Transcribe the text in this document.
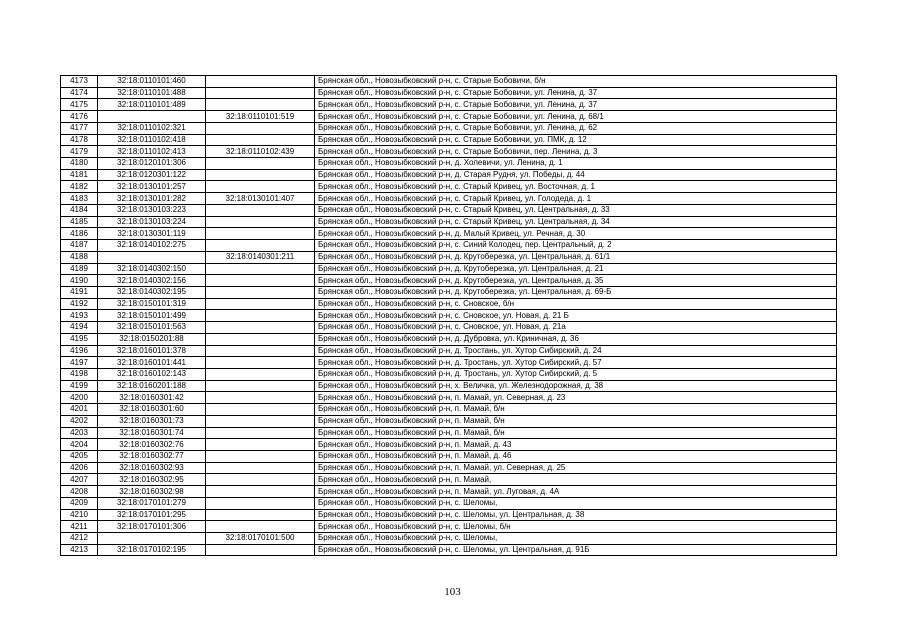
4173	32:18:0110101:460		Брянская обл., Новозыбковский р-н, с. Старые Бобовичи, б/н
4174	32:18:0110101:488		Брянская обл., Новозыбковский р-н, с. Старые Бобовичи, ул. Ленина, д. 37
4175	32:18:0110101:489		Брянская обл., Новозыбковский р-н, с. Старые Бобовичи, ул. Ленина, д. 37
4176		32:18:0110101:519	Брянская обл., Новозыбковский р-н, с. Старые Бобовичи, ул. Ленина, д. 68/1
4177	32:18:0110102:321		Брянская обл., Новозыбковский р-н, с. Старые Бобовичи, ул. Ленина, д. 62
4178	32:18:0110102:418		Брянская обл., Новозыбковский р-н, с. Старые Бобовичи, ул. ПМК, д. 12
4179	32:18:0110102:413	32:18:0110102:439	Брянская обл., Новозыбковский р-н, с. Старые Бобовичи, пер. Ленина, д. 3
4180	32:18:0120101:306		Брянская обл., Новозыбковский р-н, д. Холевичи, ул. Ленина, д. 1
4181	32:18:0120301:122		Брянская обл., Новозыбковский р-н, д. Старая Рудня, ул. Победы, д. 44
4182	32:18:0130101:257		Брянская обл., Новозыбковский р-н, с. Старый Кривец, ул. Восточная, д. 1
4183	32:18:0130101:282	32:18:0130101:407	Брянская обл., Новозыбковский р-н, с. Старый Кривец, ул. Голодеда, д. 1
4184	32:18:0130103:223		Брянская обл., Новозыбковский р-н, с. Старый Кривец, ул. Центральная, д. 33
4185	32:18:0130103:224		Брянская обл., Новозыбковский р-н, с. Старый Кривец, ул. Центральная, д. 34
4186	32:18:0130301:119		Брянская обл., Новозыбковский р-н, д. Малый Кривец, ул. Речная, д. 30
4187	32:18:0140102:275		Брянская обл., Новозыбковский р-н, с. Синий Колодец, пер. Центральный, д. 2
4188		32:18:0140301:211	Брянская обл., Новозыбковский р-н, д. Крутоберезка, ул. Центральная, д. 61/1
4189	32:18:0140302:150		Брянская обл., Новозыбковский р-н, д. Крутоберезка, ул. Центральная, д. 21
4190	32:18:0140302:156		Брянская обл., Новозыбковский р-н, д. Крутоберезка, ул. Центральная, д. 35
4191	32:18:0140302:195		Брянская обл., Новозыбковский р-н, д. Крутоберезка, ул. Центральная, д. 69-Б
4192	32:18:0150101:319		Брянская обл., Новозыбковский р-н, с. Сновское, б/н
4193	32:18:0150101:499		Брянская обл., Новозыбковский р-н, с. Сновское, ул. Новая, д. 21 Б
4194	32:18:0150101:563		Брянская обл., Новозыбковский р-н, с. Сновское, ул. Новая, д. 21а
4195	32:18:0150201:88		Брянская обл., Новозыбковский р-н, д. Дубровка, ул. Криничная, д. 36
4196	32:18:0160101:378		Брянская обл., Новозыбковский р-н, д. Тростань, ул. Хутор Сибирский, д. 24
4197	32:18:0160101:441		Брянская обл., Новозыбковский р-н, д. Тростань, ул. Хутор Сибирский, д. 57
4198	32:18:0160102:143		Брянская обл., Новозыбковский р-н, д. Тростань, ул. Хутор Сибирский, д. 5
4199	32:18:0160201:188		Брянская обл., Новозыбковский р-н, х. Величка, ул. Железнодорожная, д. 38
4200	32:18:0160301:42		Брянская обл., Новозыбковский р-н, п. Мамай, ул. Северная, д. 23
4201	32:18:0160301:60		Брянская обл., Новозыбковский р-н, п. Мамай, б/н
4202	32:18:0160301:73		Брянская обл., Новозыбковский р-н, п. Мамай, б/н
4203	32:18:0160301:74		Брянская обл., Новозыбковский р-н, п. Мамай, б/н
4204	32:18:0160302:76		Брянская обл., Новозыбковский р-н, п. Мамай, д. 43
4205	32:18:0160302:77		Брянская обл., Новозыбковский р-н, п. Мамай, д. 46
4206	32:18:0160302:93		Брянская обл., Новозыбковский р-н, п. Мамай, ул. Северная, д. 25
4207	32:18:0160302:95		Брянская обл., Новозыбковский р-н, п. Мамай,
4208	32:18:0160302:98		Брянская обл., Новозыбковский р-н, п. Мамай, ул. Луговая, д. 4А
4209	32:18:0170101:279		Брянская обл., Новозыбковский р-н, с. Шеломы,
4210	32:18:0170101:295		Брянская обл., Новозыбковский р-н, с. Шеломы, ул. Центральная, д. 38
4211	32:18:0170101:306		Брянская обл., Новозыбковский р-н, с. Шеломы, б/н
4212		32:18:0170101:500	Брянская обл., Новозыбковский р-н, с. Шеломы,
4213	32:18:0170102:195		Брянская обл., Новозыбковский р-н, с. Шеломы, ул. Центральная, д. 91Б
103
